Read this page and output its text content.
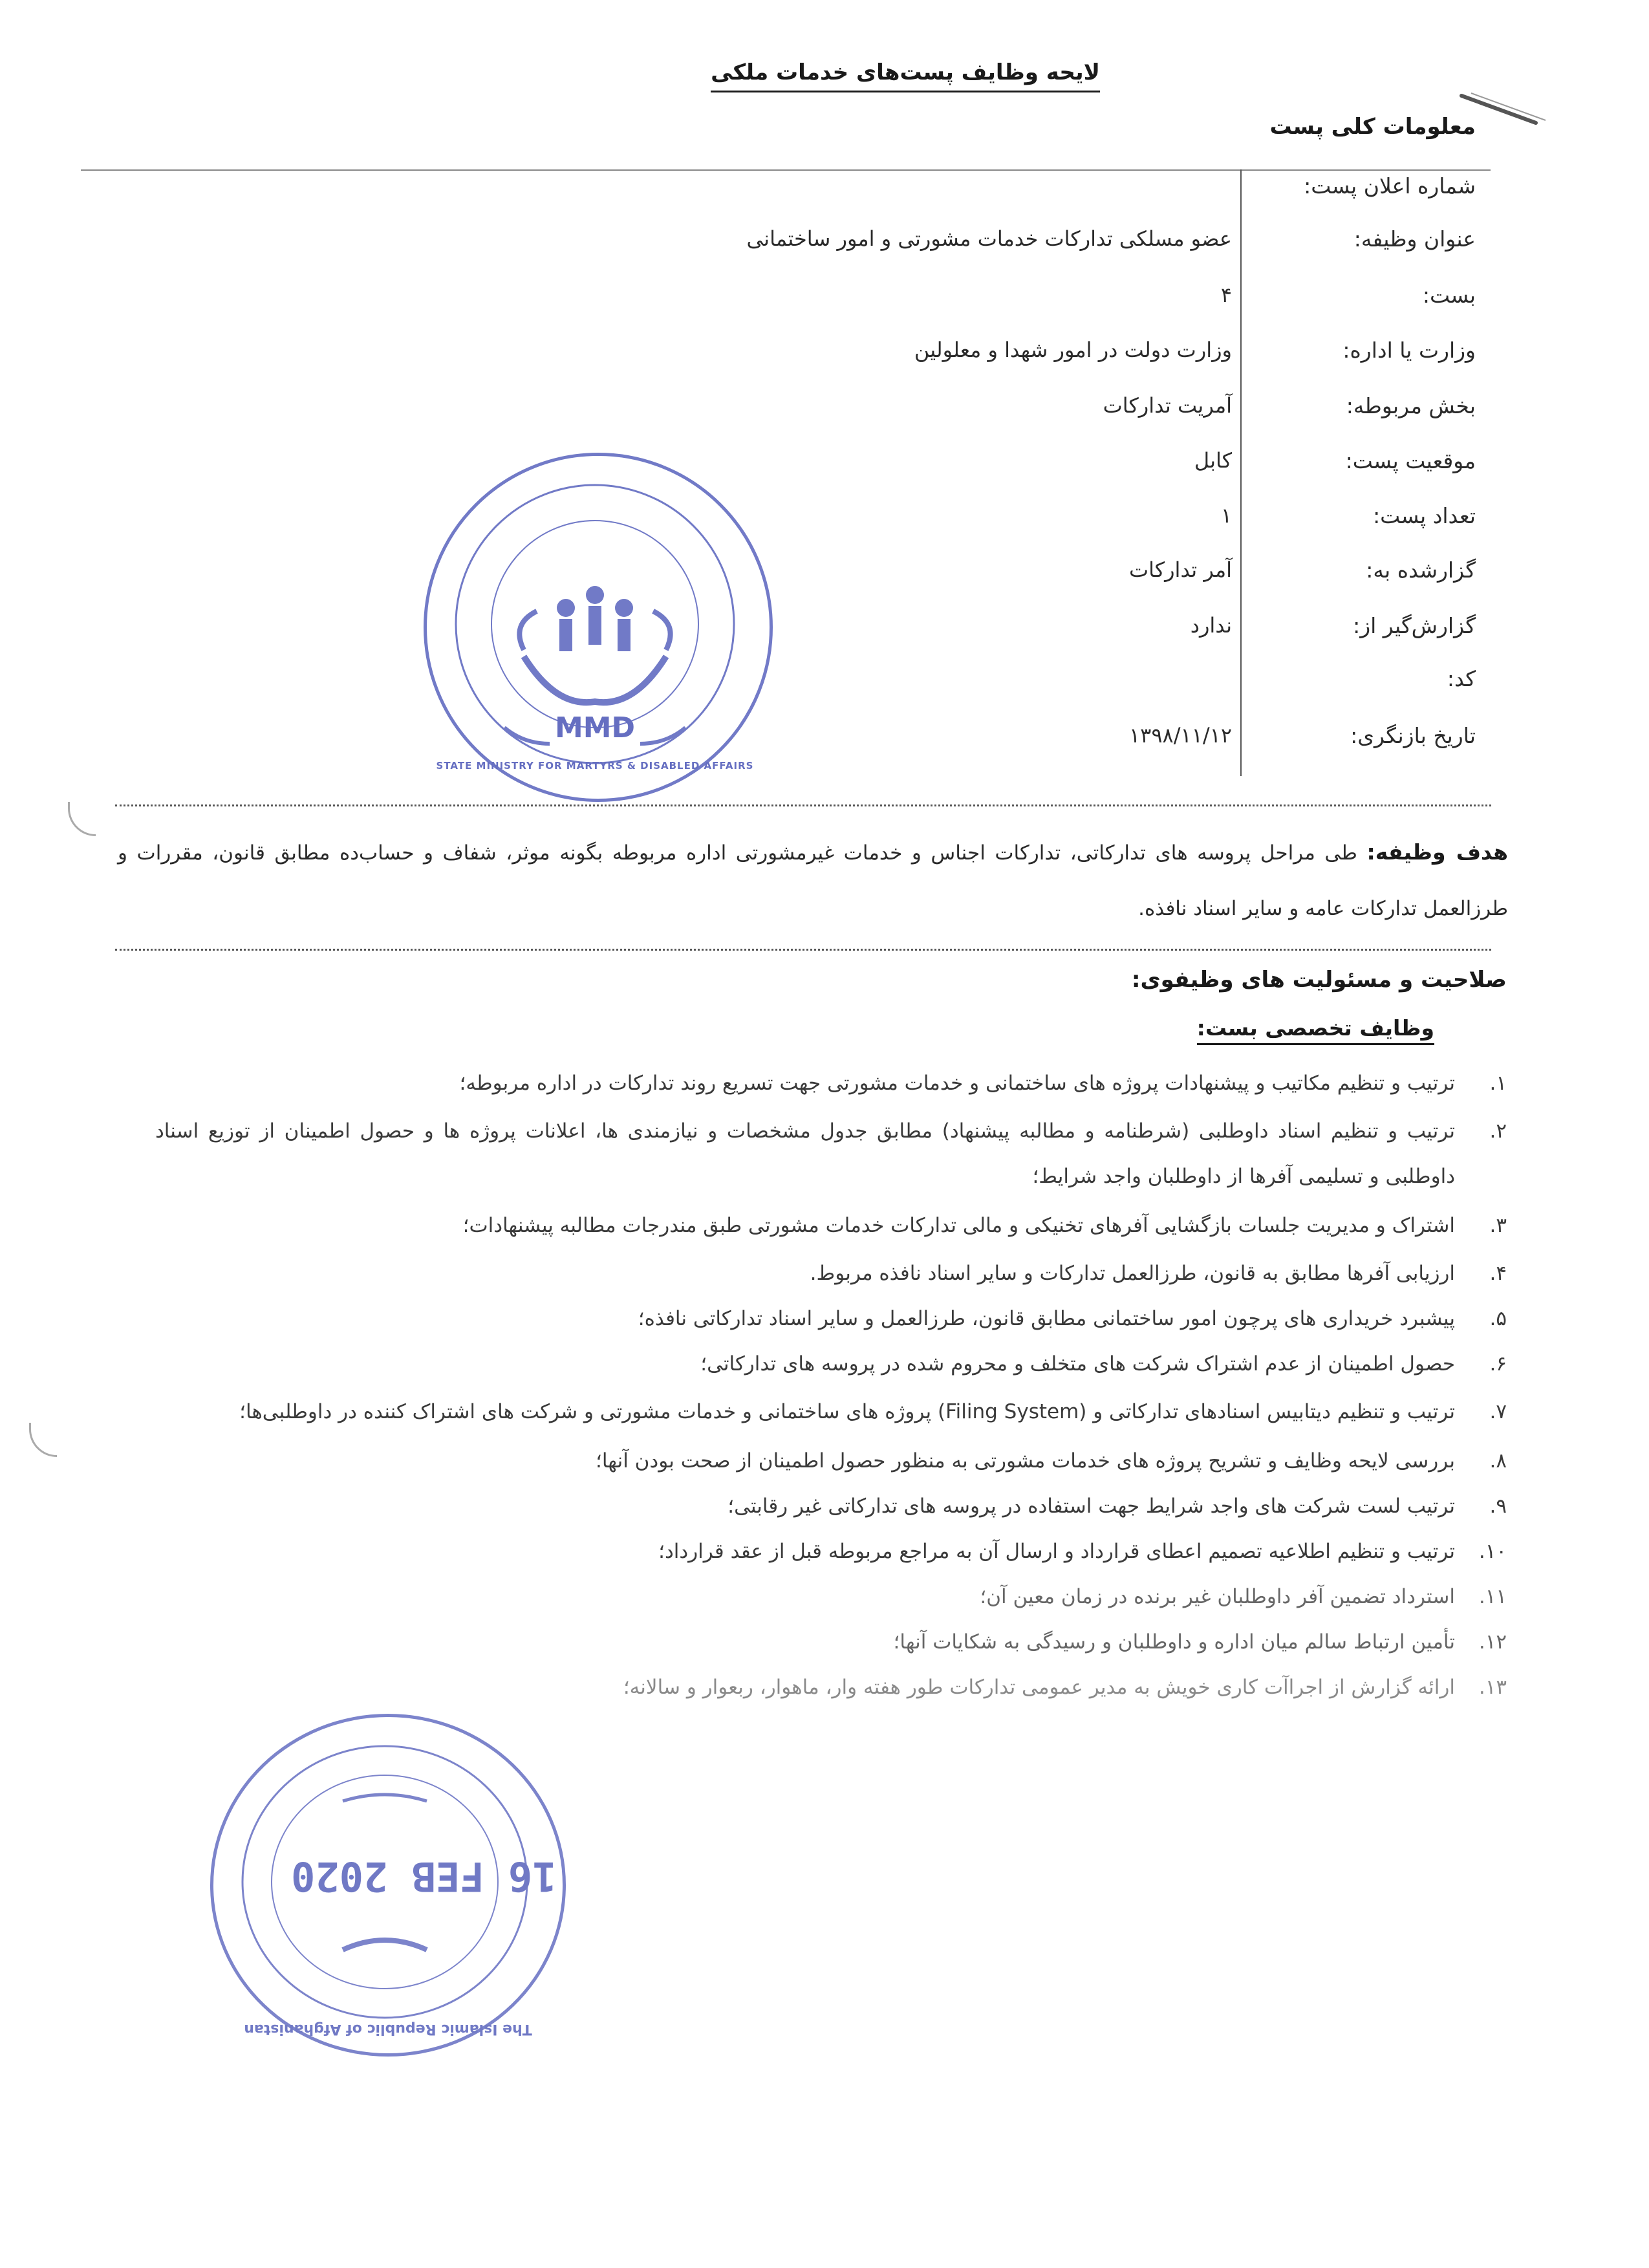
لایحه وظایف پست‌های خدمات ملکی
معلومات کلی پست
شماره اعلان پست:
عنوان وظیفه:
عضو مسلکی تدارکات خدمات مشورتی و امور ساختمانی
بست:
۴
وزارت یا اداره:
وزارت دولت در امور شهدا و معلولین
بخش مربوطه:
آمریت تدارکات
موقعیت پست:
کابل
تعداد پست:
۱
گزارشده به:
آمر تدارکات
گزارش‌گیر از:
ندارد
کد:
تاریخ بازنگری:
۱۳۹۸/۱۱/۱۲
MMD
STATE MINISTRY FOR MARTYRS & DISABLED AFFAIRS
هدف وظیفه: طی مراحل پروسه های تدارکاتی، تدارکات اجناس و خدمات غیرمشورتی اداره مربوطه بگونه موثر، شفاف و حساب‌ده مطابق قانون، مقررات و طرزالعمل تدارکات عامه و سایر اسناد نافذه.
صلاحیت و مسئولیت های وظیفوی:
وظایف تخصصی بست:
۱.
ترتیب و تنظیم مکاتیب و پیشنهادات پروژه های ساختمانی و خدمات مشورتی جهت تسریع روند تدارکات در اداره مربوطه؛
۲.
ترتیب و تنظیم اسناد داوطلبی (شرطنامه و مطالبه پیشنهاد) مطابق جدول مشخصات و نیازمندی ها، اعلانات پروژه ها و حصول اطمینان از توزیع اسناد داوطلبی و تسلیمی آفرها از داوطلبان واجد شرایط؛
۳.
اشتراک و مدیریت جلسات بازگشایی آفرهای تخنیکی و مالی تدارکات خدمات مشورتی طبق مندرجات مطالبه پیشنهادات؛
۴.
ارزیابی آفرها مطابق به قانون، طرزالعمل تدارکات و سایر اسناد نافذه مربوط.
۵.
پیشبرد خریداری های پرچون امور ساختمانی مطابق قانون، طرزالعمل و سایر اسناد تدارکاتی نافذه؛
۶.
حصول اطمینان از عدم اشتراک شرکت های متخلف و محروم شده در پروسه های تدارکاتی؛
۷.
ترتیب و تنظیم دیتابیس اسنادهای تدارکاتی و (Filing System) پروژه های ساختمانی و خدمات مشورتی و شرکت های اشتراک کننده در داوطلبی‌ها؛
۸.
بررسی لایحه وظایف و تشریح پروژه های خدمات مشورتی به منظور حصول اطمینان از صحت بودن آنها؛
۹.
ترتیب لست شرکت های واجد شرایط جهت استفاده در پروسه های تدارکاتی غیر رقابتی؛
۱۰.
ترتیب و تنظیم اطلاعیه تصمیم اعطای قرارداد و ارسال آن به مراجع مربوطه قبل از عقد قرارداد؛
۱۱.
استرداد تضمین آفر داوطلبان غیر برنده در زمان معین آن؛
۱۲.
تأمین ارتباط سالم میان اداره و داوطلبان و رسیدگی به شکایات آنها؛
۱۳.
ارائه گزارش از اجراآت کاری خویش به مدیر عمومی تدارکات طور هفته وار، ماهوار، ربعوار و سالانه؛
16 FEB 2020
The Islamic Republic of Afghanistan
